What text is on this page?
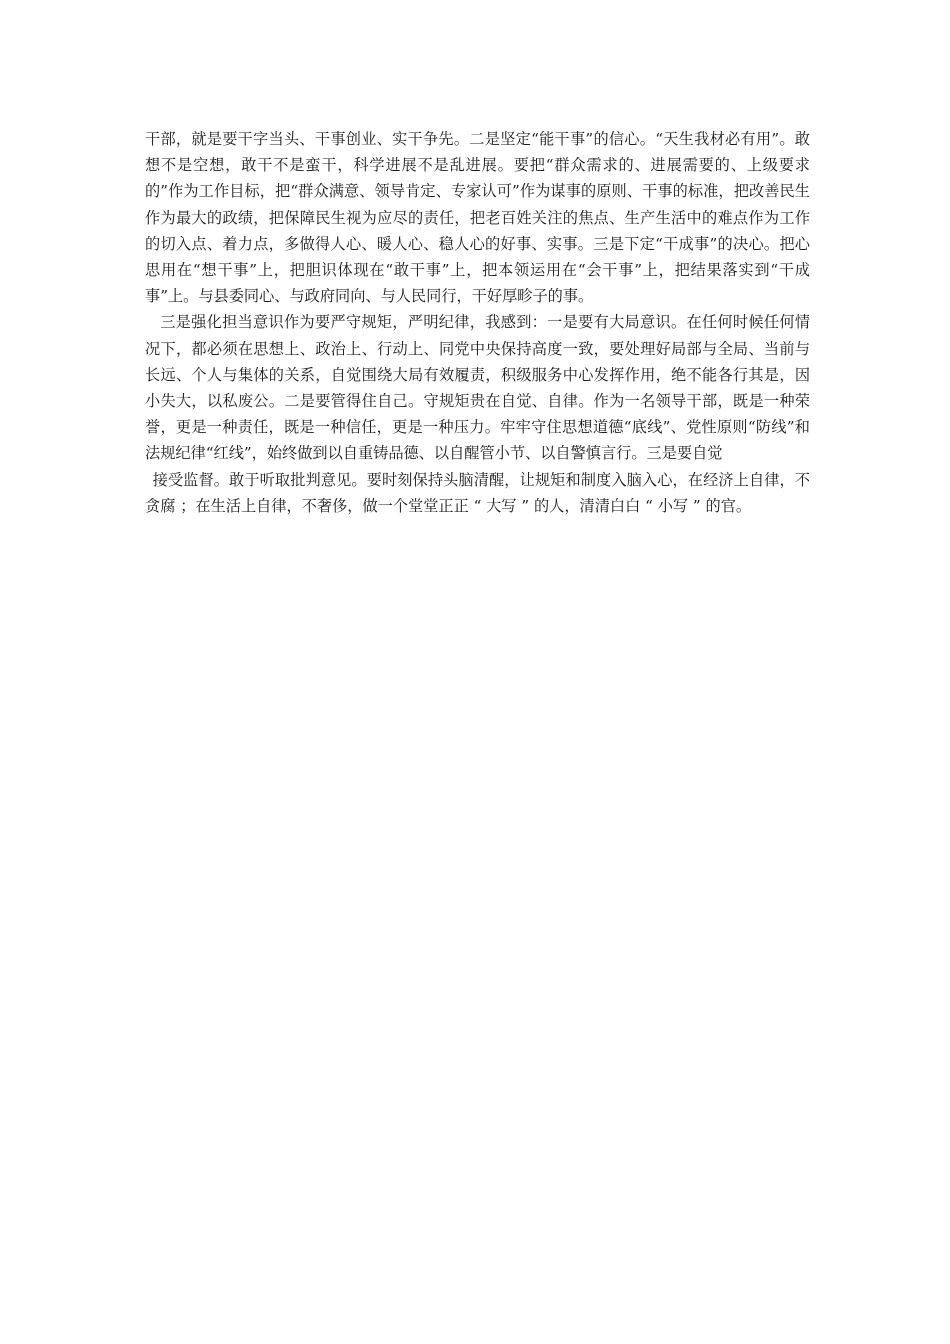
干部，就是要干字当头、干事创业、实干争先。二是坚定“能干事”的信心。“天生我材必有用”。敢想不是空想，敢干不是蛮干，科学进展不是乱进展。要把“群众需求的、进展需要的、上级要求的”作为工作目标，把“群众满意、领导肯定、专家认可”作为谋事的原则、干事的标准，把改善民生作为最大的政绩，把保障民生视为应尽的责任，把老百姓关注的焦点、生产生活中的难点作为工作的切入点、着力点，多做得人心、暖人心、稳人心的好事、实事。三是下定“干成事”的决心。把心思用在“想干事”上，把胆识体现在“敢干事”上，把本领运用在“会干事”上，把结果落实到“干成事”上。与县委同心、与政府同向、与人民同行，干好厚畛子的事。

三是强化担当意识作为要严守规矩，严明纪律，我感到：一是要有大局意识。在任何时候任何情况下，都必须在思想上、政治上、行动上、同党中央保持高度一致，要处理好局部与全局、当前与长远、个人与集体的关系，自觉围绕大局有效履责，积级服务中心发挥作用，绝不能各行其是，因小失大，以私废公。二是要管得住自己。守规矩贵在自觉、自律。作为一名领导干部，既是一种荣誉，更是一种责任，既是一种信任，更是一种压力。牢牢守住思想道德“底线”、党性原则“防线”和法规纪律“红线”，始终做到以自重铸品德、以自醒管小节、以自警慎言行。三是要自觉

接受监督。敢于听取批判意见。要时刻保持头脑清醒，让规矩和制度入脑入心，在经济上自律，不贪腐 ；在生活上自律，不奢侈，做一个堂堂正正 “ 大写 ” 的人，清清白白 “ 小写 ” 的官。
